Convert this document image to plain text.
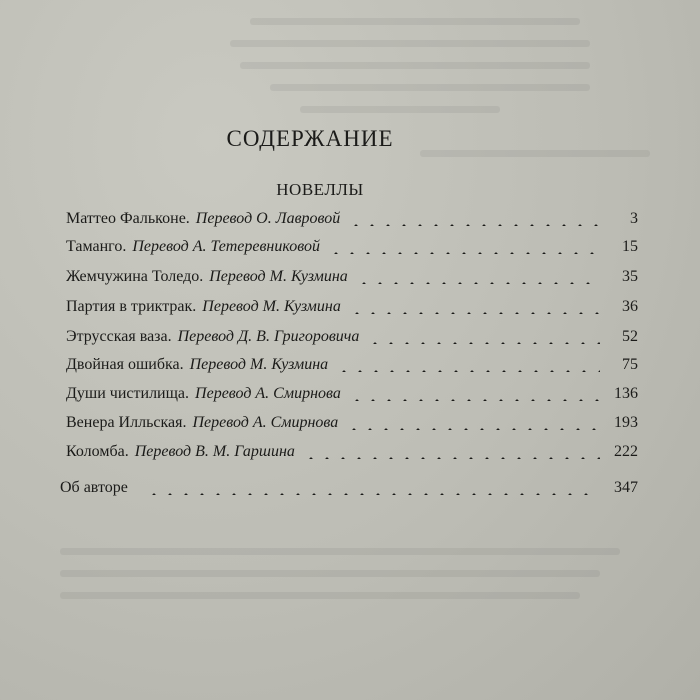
СОДЕРЖАНИЕ
НОВЕЛЛЫ
Маттео Фальконе. Перевод О. Лавровой	3
Таманго. Перевод А. Тетеревниковой	15
Жемчужина Толедо. Перевод М. Кузмина	35
Партия в триктрак. Перевод М. Кузмина	36
Этрусская ваза. Перевод Д. В. Григоровича	52
Двойная ошибка. Перевод М. Кузмина	75
Души чистилища. Перевод А. Смирнова	136
Венера Илльская. Перевод А. Смирнова	193
Коломба. Перевод В. М. Гаршина	222
Об авторе	347
